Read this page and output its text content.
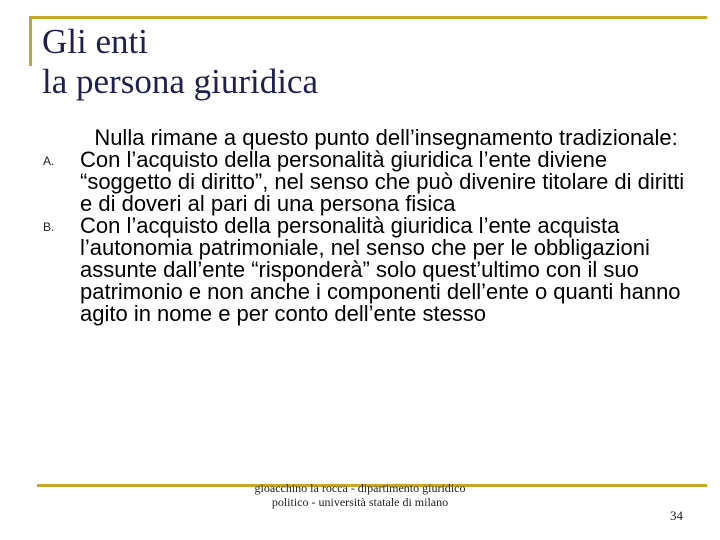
Gli enti
la persona giuridica

Nulla rimane a questo punto dell’insegnamento tradizionale:

A. Con l’acquisto della personalità giuridica l’ente diviene “soggetto di diritto”, nel senso che può divenire titolare di diritti e di doveri al pari di una persona fisica
B. Con l’acquisto della personalità giuridica l’ente acquista l’autonomia patrimoniale, nel senso che per le obbligazioni assunte dall’ente “risponderà” solo quest’ultimo con il suo patrimonio e non anche i componenti dell’ente o quanti hanno agito in nome e per conto dell’ente stesso
gioacchino la rocca - dipartimento giuridico politico - università statale di milano
34
